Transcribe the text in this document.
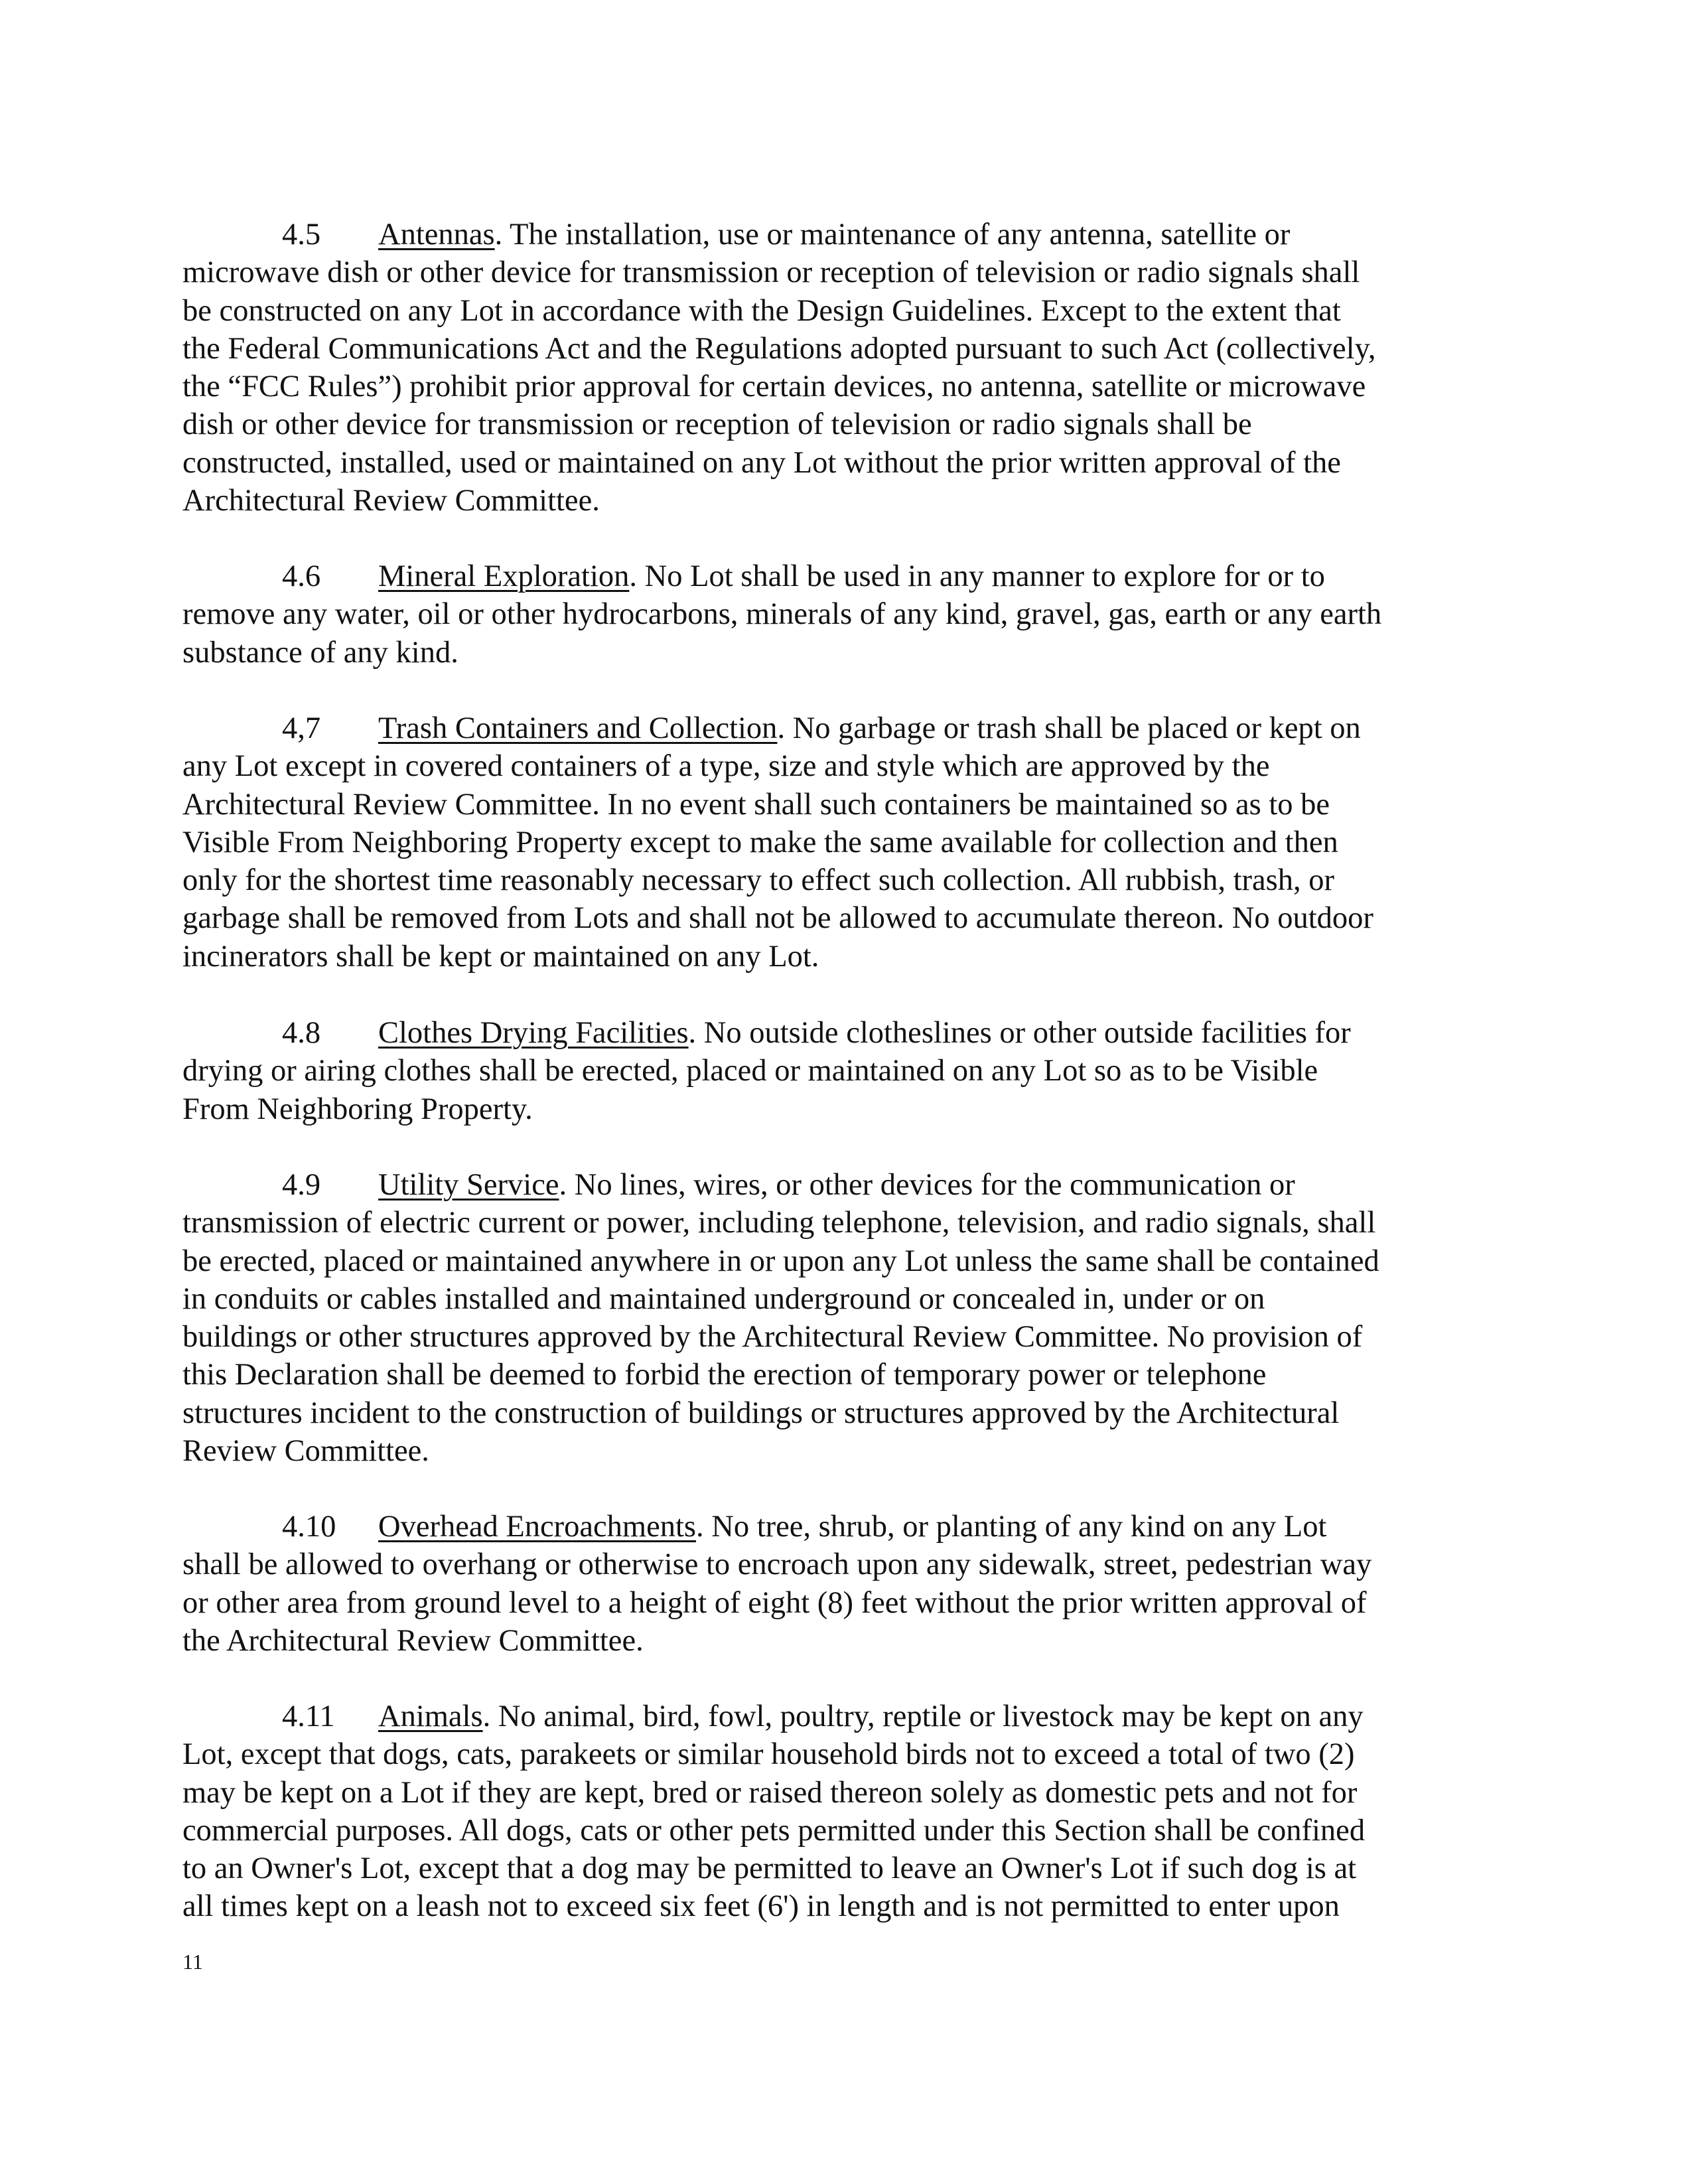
4.5 Antennas. The installation, use or maintenance of any antenna, satellite or
microwave dish or other device for transmission or reception of television or radio signals shall
be constructed on any Lot in accordance with the Design Guidelines. Except to the extent that
the Federal Communications Act and the Regulations adopted pursuant to such Act (collectively,
the “FCC Rules”) prohibit prior approval for certain devices, no antenna, satellite or microwave
dish or other device for transmission or reception of television or radio signals shall be
constructed, installed, used or maintained on any Lot without the prior written approval of the
Architectural Review Committee.
4.6 Mineral Exploration. No Lot shall be used in any manner to explore for or to
remove any water, oil or other hydrocarbons, minerals of any kind, gravel, gas, earth or any earth
substance of any kind.
4,7 Trash Containers and Collection. No garbage or trash shall be placed or kept on
any Lot except in covered containers of a type, size and style which are approved by the
Architectural Review Committee. In no event shall such containers be maintained so as to be
Visible From Neighboring Property except to make the same available for collection and then
only for the shortest time reasonably necessary to effect such collection. All rubbish, trash, or
garbage shall be removed from Lots and shall not be allowed to accumulate thereon. No outdoor
incinerators shall be kept or maintained on any Lot.
4.8 Clothes Drying Facilities. No outside clotheslines or other outside facilities for
drying or airing clothes shall be erected, placed or maintained on any Lot so as to be Visible
From Neighboring Property.
4.9 Utility Service. No lines, wires, or other devices for the communication or
transmission of electric current or power, including telephone, television, and radio signals, shall
be erected, placed or maintained anywhere in or upon any Lot unless the same shall be contained
in conduits or cables installed and maintained underground or concealed in, under or on
buildings or other structures approved by the Architectural Review Committee. No provision of
this Declaration shall be deemed to forbid the erection of temporary power or telephone
structures incident to the construction of buildings or structures approved by the Architectural
Review Committee.
4.10 Overhead Encroachments. No tree, shrub, or planting of any kind on any Lot
shall be allowed to overhang or otherwise to encroach upon any sidewalk, street, pedestrian way
or other area from ground level to a height of eight (8) feet without the prior written approval of
the Architectural Review Committee.
4.11 Animals. No animal, bird, fowl, poultry, reptile or livestock may be kept on any
Lot, except that dogs, cats, parakeets or similar household birds not to exceed a total of two (2)
may be kept on a Lot if they are kept, bred or raised thereon solely as domestic pets and not for
commercial purposes. All dogs, cats or other pets permitted under this Section shall be confined
to an Owner's Lot, except that a dog may be permitted to leave an Owner's Lot if such dog is at
all times kept on a leash not to exceed six feet (6') in length and is not permitted to enter upon
11
